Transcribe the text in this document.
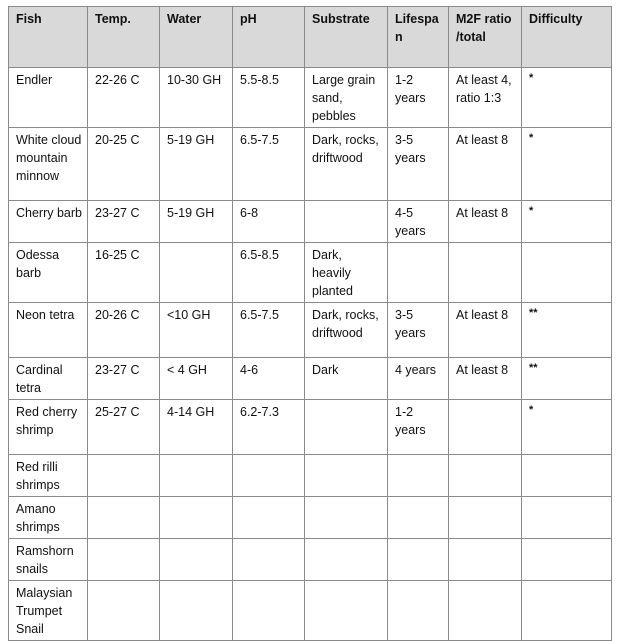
Fish	Temp.	Water	pH	Substrate	Lifespan	M2F ratio /total	Difficulty
Endler	22-26 C	10-30 GH	5.5-8.5	Large grain sand, pebbles	1-2 years	At least 4, ratio 1:3	*
White cloud mountain minnow	20-25 C	5-19 GH	6.5-7.5	Dark, rocks, driftwood	3-5 years	At least 8	*
Cherry barb	23-27 C	5-19 GH	6-8		4-5 years	At least 8	*
Odessa barb	16-25 C		6.5-8.5	Dark, heavily planted			
Neon tetra	20-26 C	<10 GH	6.5-7.5	Dark, rocks, driftwood	3-5 years	At least 8	**
Cardinal tetra	23-27 C	< 4 GH	4-6	Dark	4 years	At least 8	**
Red cherry shrimp	25-27 C	4-14 GH	6.2-7.3		1-2 years		*
Red rilli shrimps							
Amano shrimps							
Ramshorn snails							
Malaysian Trumpet Snail							
